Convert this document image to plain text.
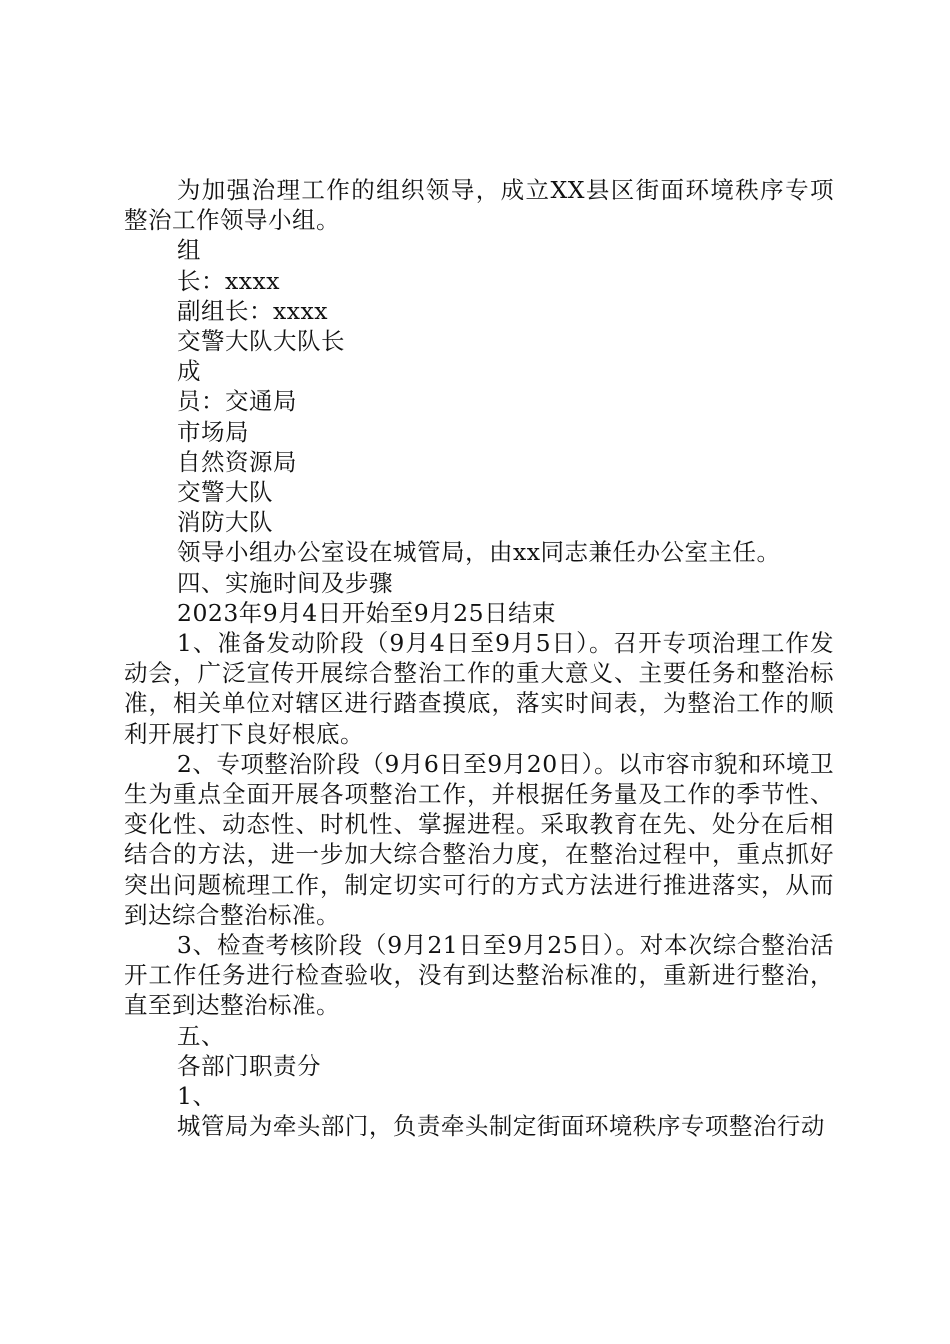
为加强治理工作的组织领导，成立XX县区街面环境秩序专项整治工作领导小组。

组

长：xxxx

副组长：xxxx

交警大队大队长

成

员：交通局

市场局

自然资源局

交警大队

消防大队

领导小组办公室设在城管局，由xx同志兼任办公室主任。

四、实施时间及步骤

2023年9月4日开始至9月25日结束

1、准备发动阶段（9月4日至9月5日）。召开专项治理工作发动会，广泛宣传开展综合整治工作的重大意义、主要任务和整治标准，相关单位对辖区进行踏查摸底，落实时间表，为整治工作的顺利开展打下良好根底。

2、专项整治阶段（9月6日至9月20日）。以市容市貌和环境卫生为重点全面开展各项整治工作，并根据任务量及工作的季节性、变化性、动态性、时机性、掌握进程。采取教育在先、处分在后相结合的方法，进一步加大综合整治力度，在整治过程中，重点抓好突出问题梳理工作，制定切实可行的方式方法进行推进落实，从而到达综合整治标准。

3、检查考核阶段（9月21日至9月25日）。对本次综合整治活开工作任务进行检查验收，没有到达整治标准的，重新进行整治，直至到达整治标准。

五、

各部门职责分

1、

城管局为牵头部门，负责牵头制定街面环境秩序专项整治行动
